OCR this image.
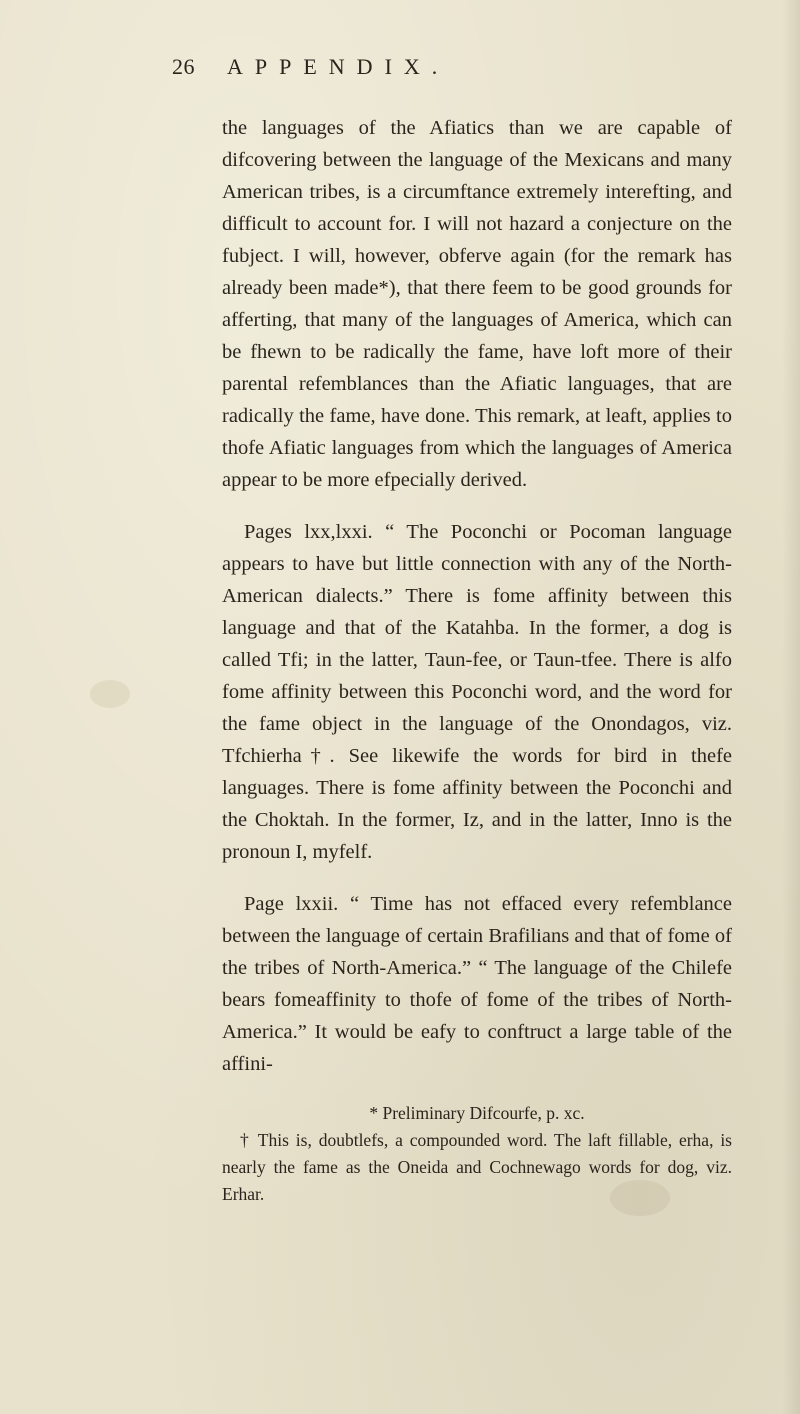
26 APPENDIX.

the languages of the Afiatics than we are capable of difcovering between the language of the Mexicans and many American tribes, is a circumftance extremely interefting, and difficult to account for. I will not hazard a conjecture on the fubject. I will, however, obferve again (for the remark has already been made*), that there feem to be good grounds for afferting, that many of the languages of America, which can be fhewn to be radically the fame, have loft more of their parental refemblances than the Afiatic languages, that are radically the fame, have done. This remark, at leaft, applies to thofe Afiatic languages from which the languages of America appear to be more efpecially derived.

Pages lxx,lxxi. “ The Poconchi or Pocoman language appears to have but little connection with any of the North-American dialects.” There is fome affinity between this language and that of the Katahba. In the former, a dog is called Tfi; in the latter, Taun-fee, or Taun-tfee. There is alfo fome affinity between this Poconchi word, and the word for the fame object in the language of the Onondagos, viz. Tfchierha†. See likewife the words for bird in thefe languages. There is fome affinity between the Poconchi and the Choktah. In the former, Iz, and in the latter, Inno is the pronoun I, myfelf.

Page lxxii. “ Time has not effaced every refemblance between the language of certain Brafilians and that of fome of the tribes of North-America.” “ The language of the Chilefe bears fomeaffinity to thofe of fome of the tribes of North-America.” It would be eafy to conftruct a large table of the affini-

* Preliminary Difcourfe, p. xc.

† This is, doubtlefs, a compounded word. The laft fillable, erha, is nearly the fame as the Oneida and Cochnewago words for dog, viz. Erhar.
